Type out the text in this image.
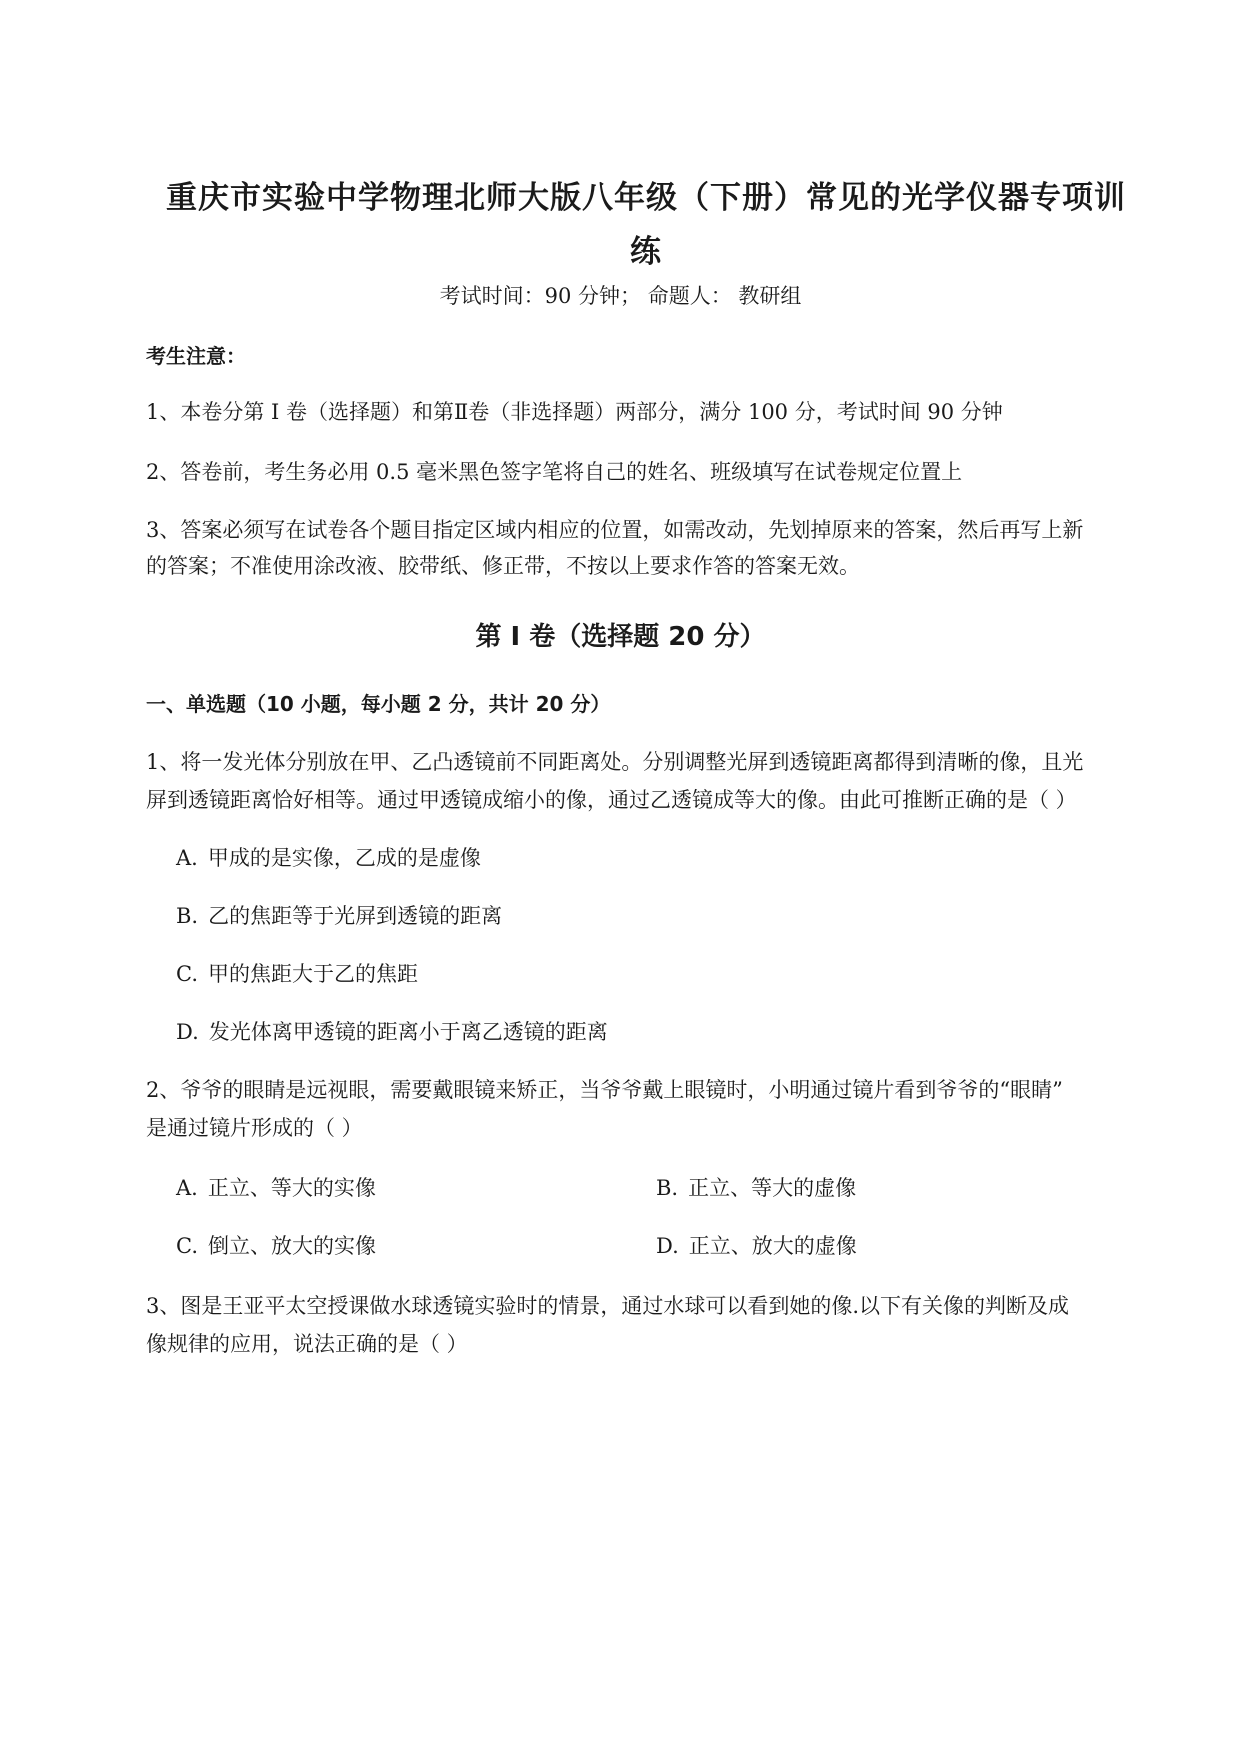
重庆市实验中学物理北师大版八年级（下册）常见的光学仪器专项训
练
考试时间：90 分钟； 命题人： 教研组
考生注意：
1、本卷分第 I 卷（选择题）和第Ⅱ卷（非选择题）两部分，满分 100 分，考试时间 90 分钟
2、答卷前，考生务必用 0.5 毫米黑色签字笔将自己的姓名、班级填写在试卷规定位置上
3、答案必须写在试卷各个题目指定区域内相应的位置，如需改动，先划掉原来的答案，然后再写上新
的答案；不准使用涂改液、胶带纸、修正带，不按以上要求作答的答案无效。
第 I 卷（选择题 20 分）
一、单选题（10 小题，每小题 2 分，共计 20 分）
1、将一发光体分别放在甲、乙凸透镜前不同距离处。分别调整光屏到透镜距离都得到清晰的像，且光
屏到透镜距离恰好相等。通过甲透镜成缩小的像，通过乙透镜成等大的像。由此可推断正确的是（ ）
A. 甲成的是实像，乙成的是虚像
B. 乙的焦距等于光屏到透镜的距离
C. 甲的焦距大于乙的焦距
D. 发光体离甲透镜的距离小于离乙透镜的距离
2、爷爷的眼睛是远视眼，需要戴眼镜来矫正，当爷爷戴上眼镜时，小明通过镜片看到爷爷的“眼睛”
是通过镜片形成的（ ）
A. 正立、等大的实像	B. 正立、等大的虚像
C. 倒立、放大的实像	D. 正立、放大的虚像
3、图是王亚平太空授课做水球透镜实验时的情景，通过水球可以看到她的像.以下有关像的判断及成
像规律的应用，说法正确的是（ ）
